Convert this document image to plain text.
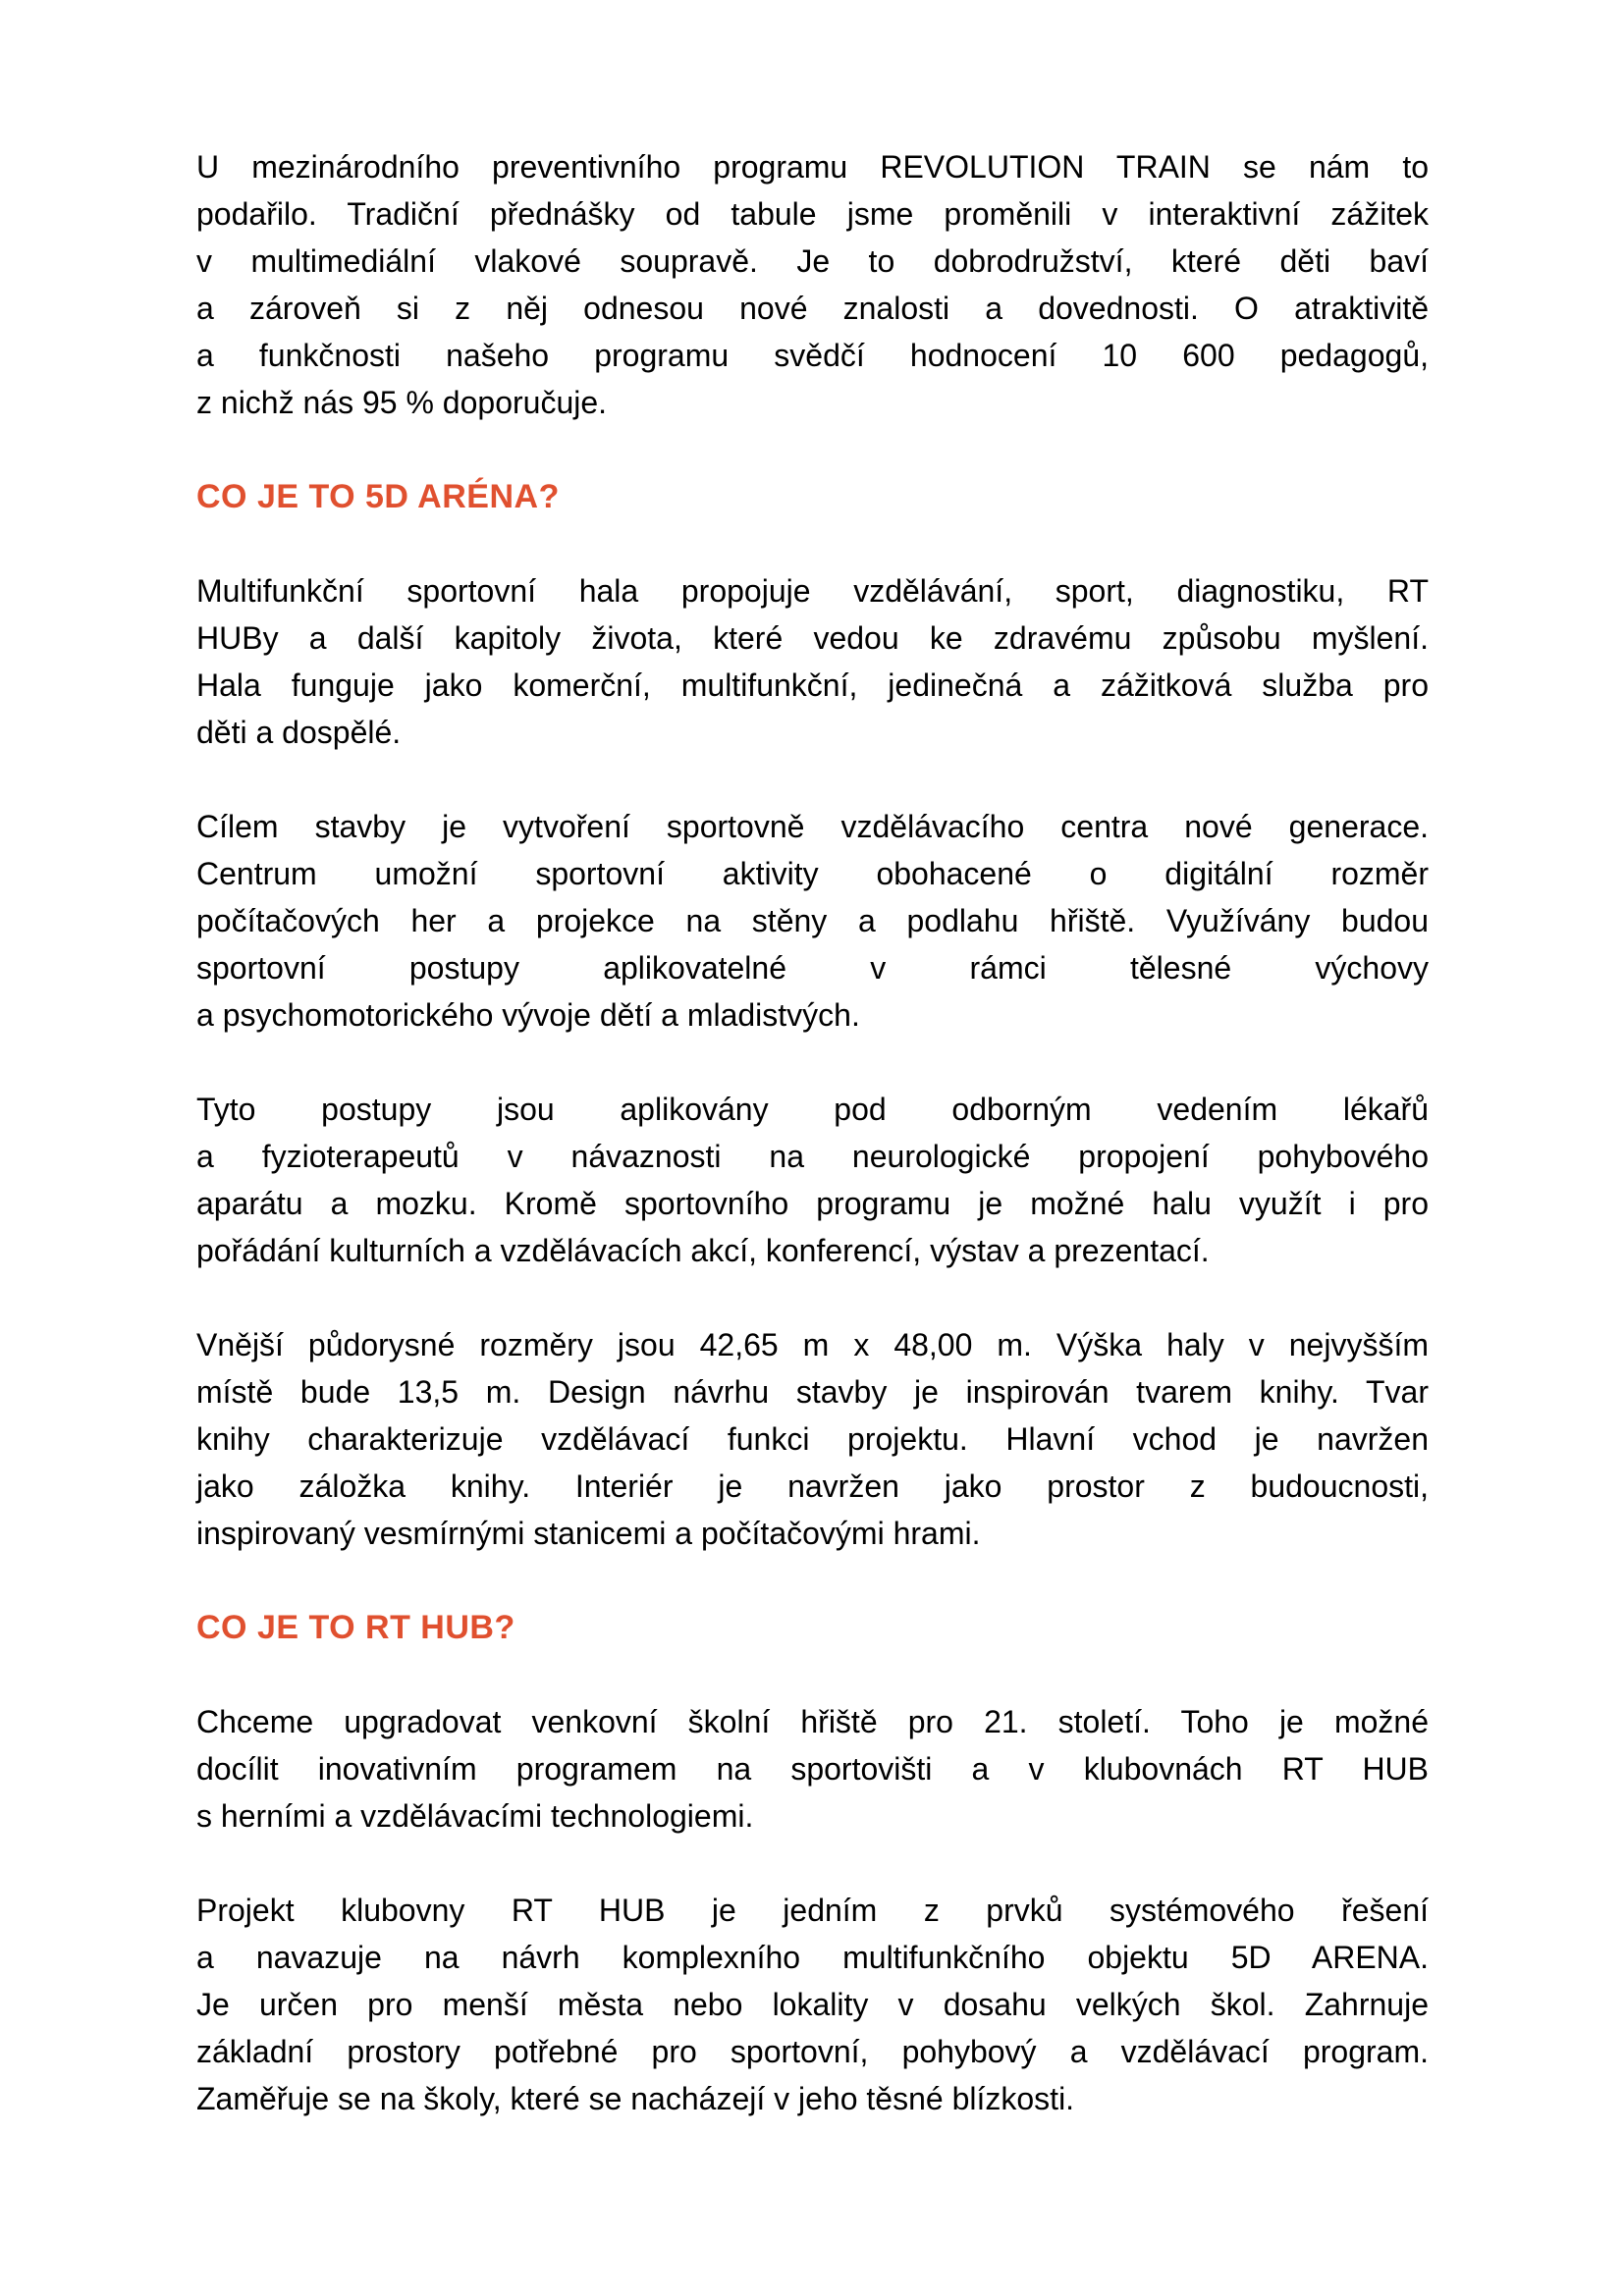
U mezinárodního preventivního programu REVOLUTION TRAIN se nám to
podařilo. Tradiční přednášky od tabule jsme proměnili v interaktivní zážitek
v multimediální vlakové soupravě. Je to dobrodružství, které děti baví
a zároveň si z něj odnesou nové znalosti a dovednosti. O atraktivitě
a funkčnosti našeho programu svědčí hodnocení 10 600 pedagogů,
z nichž nás 95 % doporučuje.
CO JE TO 5D ARÉNA?
Multifunkční sportovní hala propojuje vzdělávání, sport, diagnostiku, RT
HUBy a další kapitoly života, které vedou ke zdravému způsobu myšlení.
Hala funguje jako komerční, multifunkční, jedinečná a zážitková služba pro
děti a dospělé.
Cílem stavby je vytvoření sportovně vzdělávacího centra nové generace.
Centrum umožní sportovní aktivity obohacené o digitální rozměr
počítačových her a projekce na stěny a podlahu hřiště. Využívány budou
sportovní postupy aplikovatelné v rámci tělesné výchovy
a psychomotorického vývoje dětí a mladistvých.
Tyto postupy jsou aplikovány pod odborným vedením lékařů
a fyzioterapeutů v návaznosti na neurologické propojení pohybového
aparátu a mozku. Kromě sportovního programu je možné halu využít i pro
pořádání kulturních a vzdělávacích akcí, konferencí, výstav a prezentací.
Vnější půdorysné rozměry jsou 42,65 m x 48,00 m. Výška haly v nejvyšším
místě bude 13,5 m. Design návrhu stavby je inspirován tvarem knihy. Tvar
knihy charakterizuje vzdělávací funkci projektu. Hlavní vchod je navržen
jako záložka knihy. Interiér je navržen jako prostor z budoucnosti,
inspirovaný vesmírnými stanicemi a počítačovými hrami.
CO JE TO RT HUB?
Chceme upgradovat venkovní školní hřiště pro 21. století. Toho je možné
docílit inovativním programem na sportovišti a v klubovnách RT HUB
s herními a vzdělávacími technologiemi.
Projekt klubovny RT HUB je jedním z prvků systémového řešení
a navazuje na návrh komplexního multifunkčního objektu 5D ARENA.
Je určen pro menší města nebo lokality v dosahu velkých škol. Zahrnuje
základní prostory potřebné pro sportovní, pohybový a vzdělávací program.
Zaměřuje se na školy, které se nacházejí v jeho těsné blízkosti.
